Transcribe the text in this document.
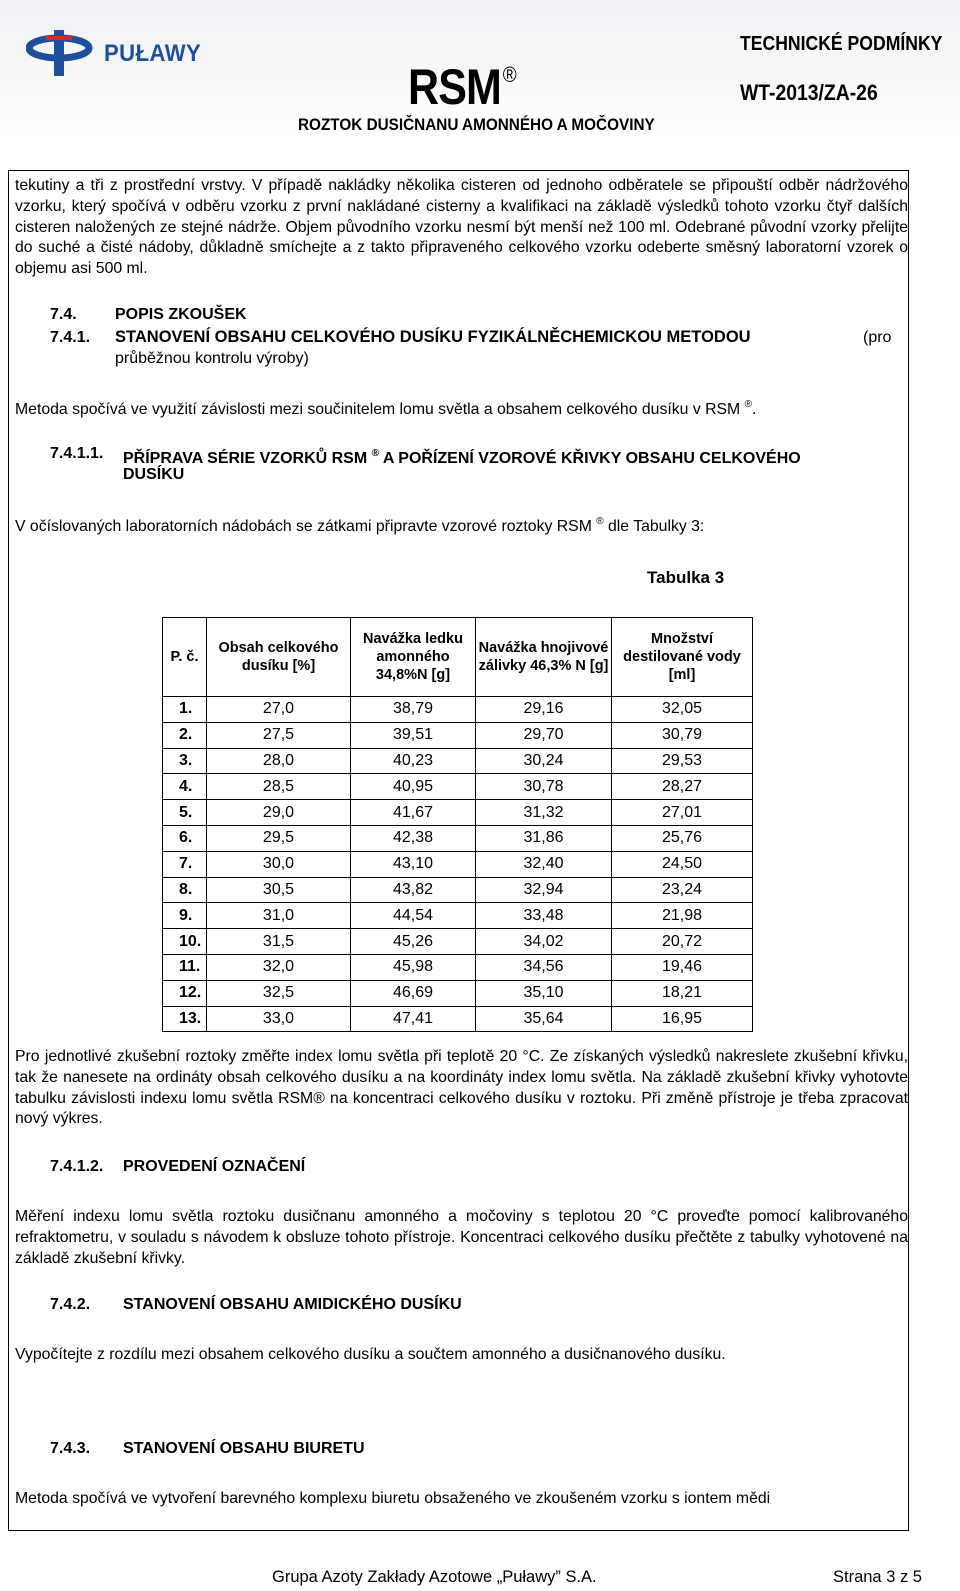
PUŁAWY
RSM®
ROZTOK DUSIČNANU AMONNÉHO A MOČOVINY
TECHNICKÉ PODMÍNKY
WT-2013/ZA-26

tekutiny a tři z prostřední vrstvy. V případě nakládky několika cisteren od jednoho odběratele se připouští odběr nádržového vzorku, který spočívá v odběru vzorku z první nakládané cisterny a kvalifikaci na základě výsledků tohoto vzorku čtyř dalších cisteren naložených ze stejné nádrže. Objem původního vzorku nesmí být menší než 100 ml. Odebrané původní vzorky přelijte do suché a čisté nádoby, důkladně smíchejte a z takto připraveného celkového vzorku odeberte směsný laboratorní vzorek o objemu asi 500 ml.

7.4. POPIS ZKOUŠEK
7.4.1. STANOVENÍ OBSAHU CELKOVÉHO DUSÍKU FYZIKÁLNĚCHEMICKOU METODOU	(pro
průběžnou kontrolu výroby)

Metoda spočívá ve využití závislosti mezi součinitelem lomu světla a obsahem celkového dusíku v RSM ®.

7.4.1.1. PŘÍPRAVA SÉRIE VZORKŮ RSM ® A POŘÍZENÍ VZOROVÉ KŘIVKY OBSAHU CELKOVÉHO
DUSÍKU

V očíslovaných laboratorních nádobách se zátkami připravte vzorové roztoky RSM ® dle Tabulky 3:

Tabulka 3
P. č.	Obsah celkového dusíku [%]	Navážka ledku amonného 34,8%N [g]	Navážka hnojivové zálivky 46,3% N [g]	Množství destilované vody [ml]
1.	27,0	38,79	29,16	32,05
2.	27,5	39,51	29,70	30,79
3.	28,0	40,23	30,24	29,53
4.	28,5	40,95	30,78	28,27
5.	29,0	41,67	31,32	27,01
6.	29,5	42,38	31,86	25,76
7.	30,0	43,10	32,40	24,50
8.	30,5	43,82	32,94	23,24
9.	31,0	44,54	33,48	21,98
10.	31,5	45,26	34,02	20,72
11.	32,0	45,98	34,56	19,46
12.	32,5	46,69	35,10	18,21
13.	33,0	47,41	35,64	16,95

Pro jednotlivé zkušební roztoky změřte index lomu světla při teplotě 20 °C. Ze získaných výsledků nakreslete zkušební křivku, tak že nanesete na ordináty obsah celkového dusíku a na koordináty index lomu světla. Na základě zkušební křivky vyhotovte tabulku závislosti indexu lomu světla RSM® na koncentraci celkového dusíku v roztoku. Při změně přístroje je třeba zpracovat nový výkres.

7.4.1.2. PROVEDENÍ OZNAČENÍ

Měření indexu lomu světla roztoku dusičnanu amonného a močoviny s teplotou 20 °C proveďte pomocí kalibrovaného refraktometru, v souladu s návodem k obsluze tohoto přístroje. Koncentraci celkového dusíku přečtěte z tabulky vyhotovené na základě zkušební křivky.

7.4.2. STANOVENÍ OBSAHU AMIDICKÉHO DUSÍKU

Vypočítejte z rozdílu mezi obsahem celkového dusíku a součtem amonného a dusičnanového dusíku.

7.4.3. STANOVENÍ OBSAHU BIURETU

Metoda spočívá ve vytvoření barevného komplexu biuretu obsaženého ve zkoušeném vzorku s iontem mědi

Grupa Azoty Zakłady Azotowe „Puławy” S.A.	Strana 3 z 5
